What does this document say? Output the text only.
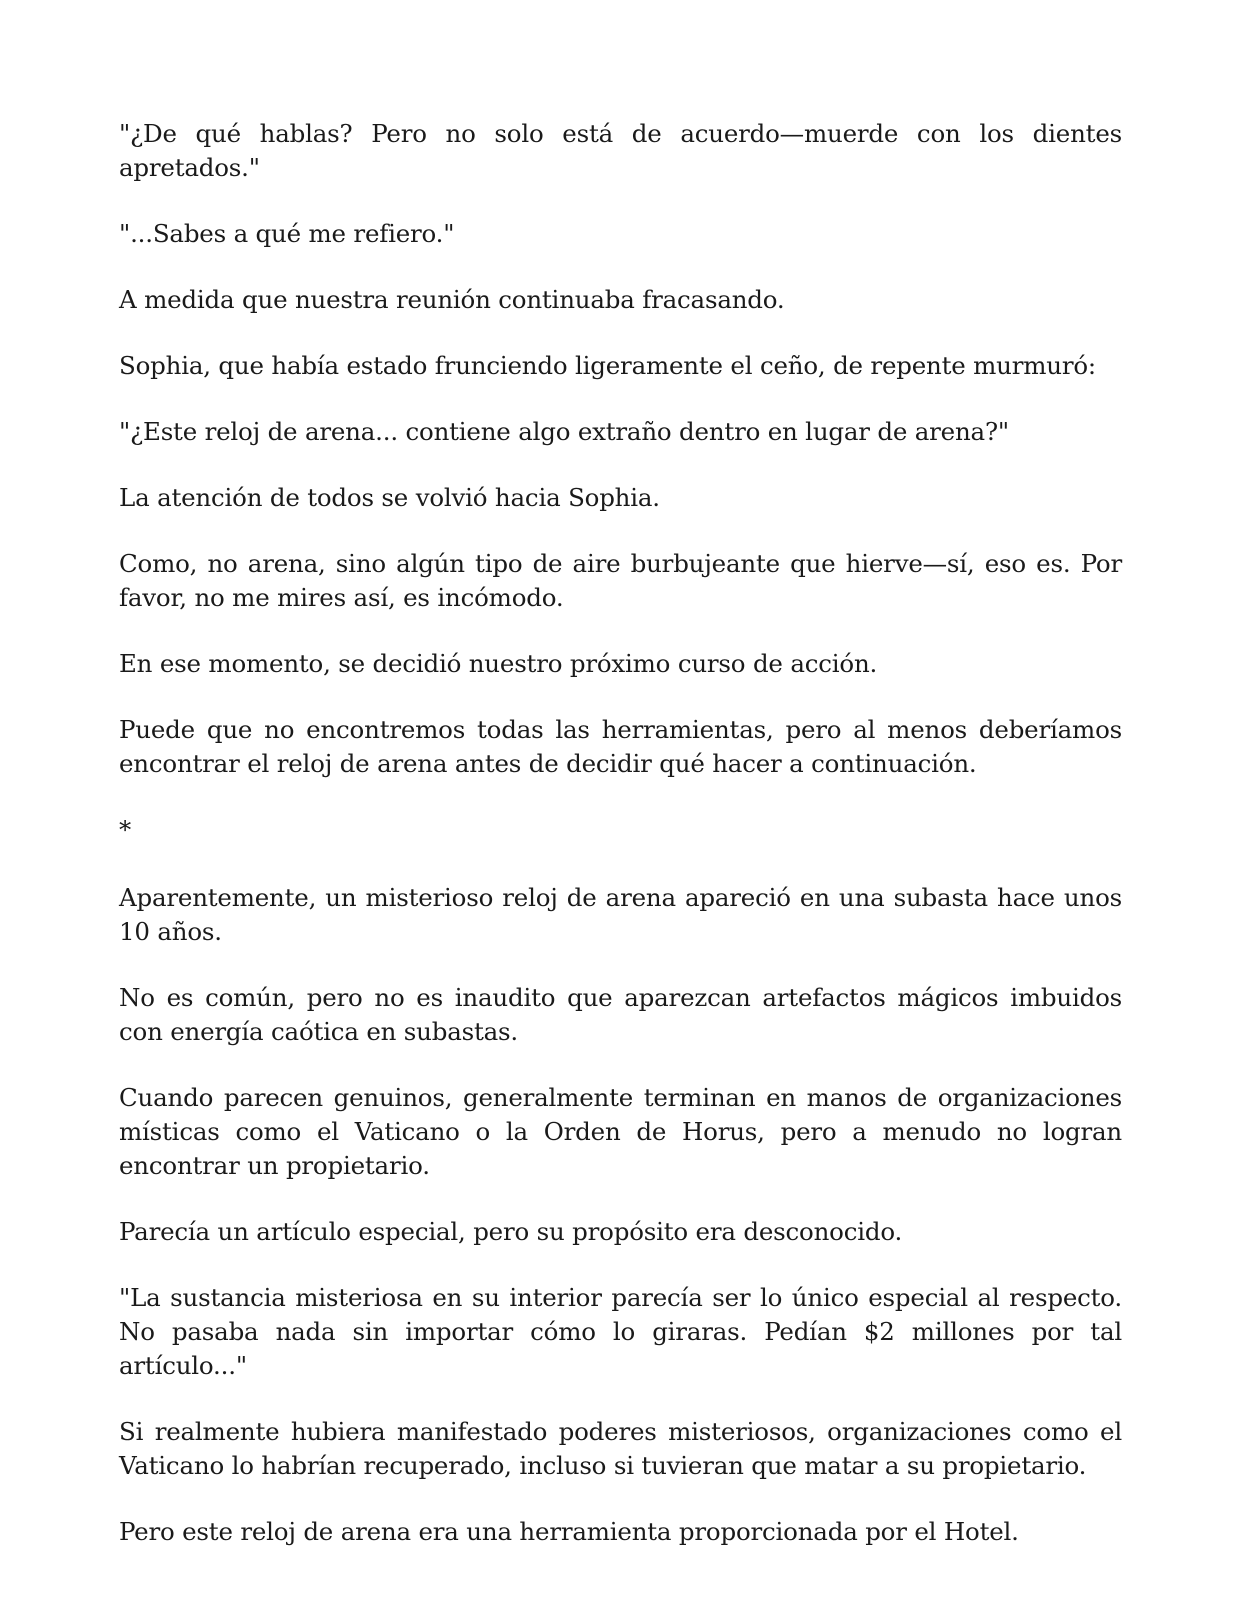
"¿De qué hablas? Pero no solo está de acuerdo—muerde con los dientes apretados."

"...Sabes a qué me refiero."

A medida que nuestra reunión continuaba fracasando.

Sophia, que había estado frunciendo ligeramente el ceño, de repente murmuró:

"¿Este reloj de arena... contiene algo extraño dentro en lugar de arena?"

La atención de todos se volvió hacia Sophia.

Como, no arena, sino algún tipo de aire burbujeante que hierve—sí, eso es. Por favor, no me mires así, es incómodo.

En ese momento, se decidió nuestro próximo curso de acción.

Puede que no encontremos todas las herramientas, pero al menos deberíamos encontrar el reloj de arena antes de decidir qué hacer a continuación.

*

Aparentemente, un misterioso reloj de arena apareció en una subasta hace unos 10 años.

No es común, pero no es inaudito que aparezcan artefactos mágicos imbuidos con energía caótica en subastas.

Cuando parecen genuinos, generalmente terminan en manos de organizaciones místicas como el Vaticano o la Orden de Horus, pero a menudo no logran encontrar un propietario.

Parecía un artículo especial, pero su propósito era desconocido.

"La sustancia misteriosa en su interior parecía ser lo único especial al respecto. No pasaba nada sin importar cómo lo giraras. Pedían $2 millones por tal artículo..."

Si realmente hubiera manifestado poderes misteriosos, organizaciones como el Vaticano lo habrían recuperado, incluso si tuvieran que matar a su propietario.

Pero este reloj de arena era una herramienta proporcionada por el Hotel.
